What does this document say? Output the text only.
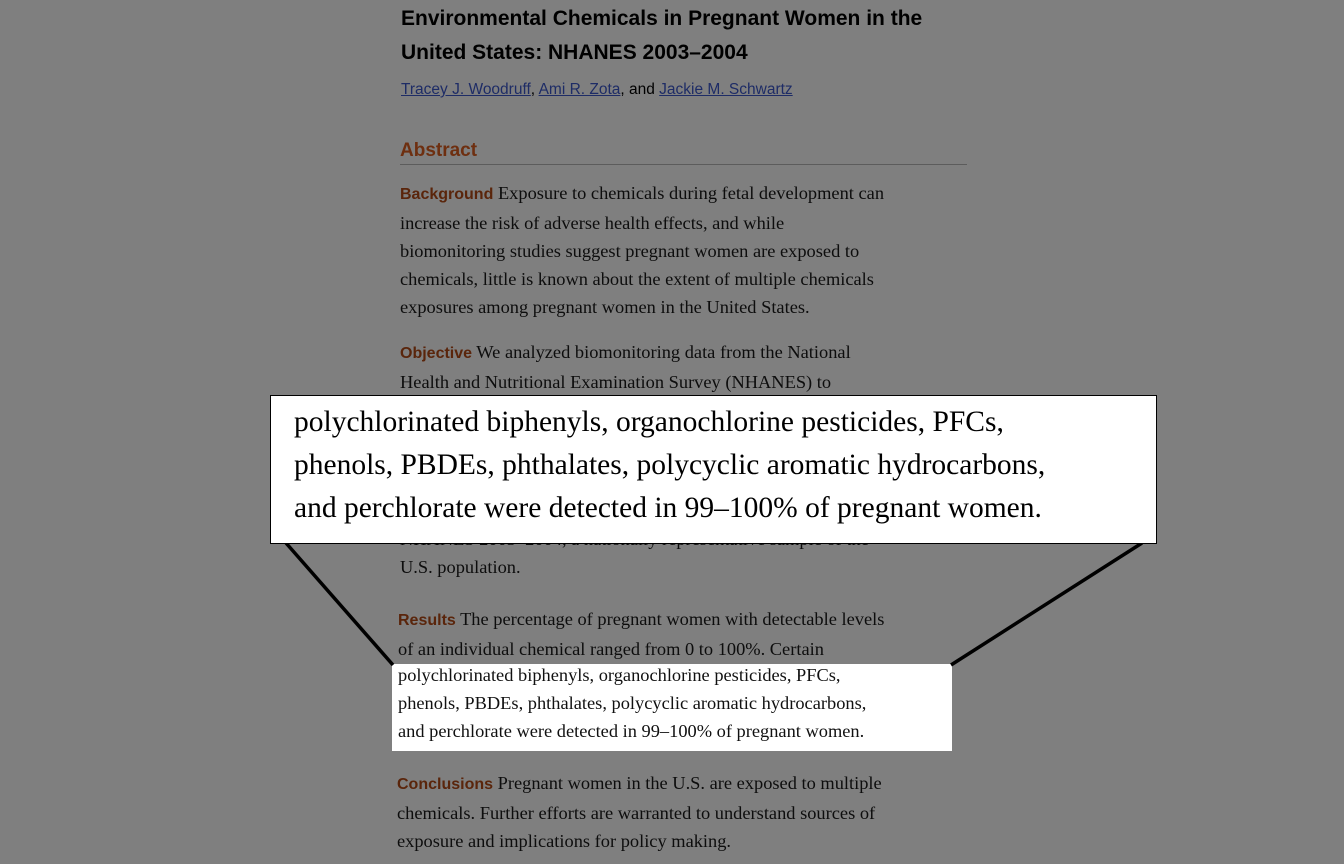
Environmental Chemicals in Pregnant Women in the
United States: NHANES 2003–2004
Tracey J. Woodruff, Ami R. Zota, and Jackie M. Schwartz
Abstract

Background Exposure to chemicals during fetal development can
increase the risk of adverse health effects, and while
biomonitoring studies suggest pregnant women are exposed to
chemicals, little is known about the extent of multiple chemicals
exposures among pregnant women in the United States.

Objective We analyzed biomonitoring data from the National
Health and Nutritional Examination Survey (NHANES) to

U.S. population.

Results The percentage of pregnant women with detectable levels
of an individual chemical ranged from 0 to 100%. Certain

polychlorinated biphenyls, organochlorine pesticides, PFCs,
phenols, PBDEs, phthalates, polycyclic aromatic hydrocarbons,
and perchlorate were detected in 99–100% of pregnant women.

Conclusions Pregnant women in the U.S. are exposed to multiple
chemicals. Further efforts are warranted to understand sources of
exposure and implications for policy making.

polychlorinated biphenyls, organochlorine pesticides, PFCs,
phenols, PBDEs, phthalates, polycyclic aromatic hydrocarbons,
and perchlorate were detected in 99–100% of pregnant women.
